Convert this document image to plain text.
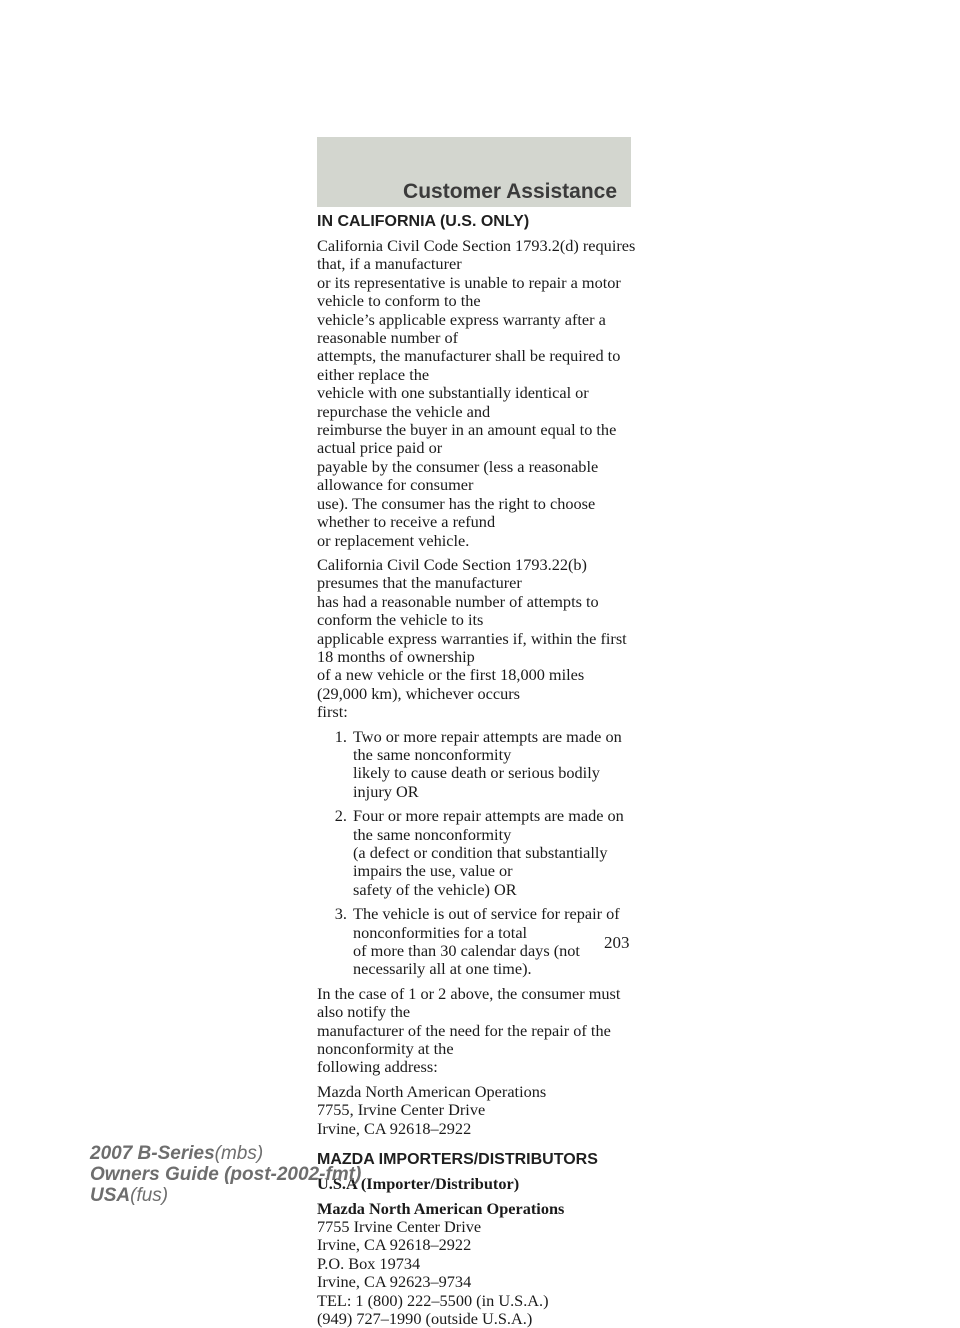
Customer Assistance
IN CALIFORNIA (U.S. ONLY)

California Civil Code Section 1793.2(d) requires that, if a manufacturer
or its representative is unable to repair a motor vehicle to conform to the
vehicle’s applicable express warranty after a reasonable number of
attempts, the manufacturer shall be required to either replace the
vehicle with one substantially identical or repurchase the vehicle and
reimburse the buyer in an amount equal to the actual price paid or
payable by the consumer (less a reasonable allowance for consumer
use). The consumer has the right to choose whether to receive a refund
or replacement vehicle.

California Civil Code Section 1793.22(b) presumes that the manufacturer
has had a reasonable number of attempts to conform the vehicle to its
applicable express warranties if, within the first 18 months of ownership
of a new vehicle or the first 18,000 miles (29,000 km), whichever occurs
first:

1. Two or more repair attempts are made on the same nonconformity
likely to cause death or serious bodily injury OR
2. Four or more repair attempts are made on the same nonconformity
(a defect or condition that substantially impairs the use, value or
safety of the vehicle) OR
3. The vehicle is out of service for repair of nonconformities for a total
of more than 30 calendar days (not necessarily all at one time).

In the case of 1 or 2 above, the consumer must also notify the
manufacturer of the need for the repair of the nonconformity at the
following address:

Mazda North American Operations
7755, Irvine Center Drive
Irvine, CA 92618–2922

MAZDA IMPORTERS/DISTRIBUTORS

U.S.A (Importer/Distributor)

Mazda North American Operations

7755 Irvine Center Drive
Irvine, CA 92618–2922
P.O. Box 19734
Irvine, CA 92623–9734
TEL: 1 (800) 222–5500 (in U.S.A.)
(949) 727–1990 (outside U.S.A.)

203
2007 B-Series(mbs)
Owners Guide (post-2002-fmt)
USA(fus)
